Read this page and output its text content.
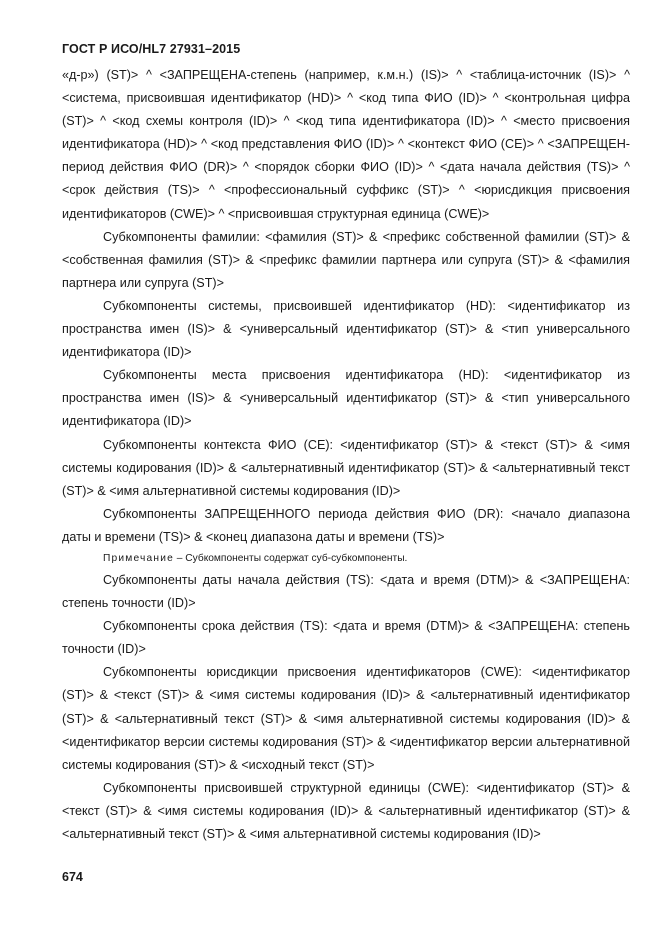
ГОСТ Р ИСО/HL7 27931–2015

«д-р») (ST)> ^ <ЗАПРЕЩЕНА-степень (например, к.м.н.) (IS)> ^ <таблица-источник (IS)> ^ <система, присвоившая идентификатор (HD)> ^ <код типа ФИО (ID)> ^ <контрольная цифра (ST)> ^ <код схемы контроля (ID)> ^ <код типа идентификатора (ID)> ^ <место присвоения идентификатора (HD)> ^ <код представления ФИО (ID)> ^ <контекст ФИО (CE)> ^ <ЗАПРЕЩЕН-период действия ФИО (DR)> ^ <порядок сборки ФИО (ID)> ^ <дата начала действия (TS)> ^ <срок действия (TS)> ^ <профессиональный суффикс (ST)> ^ <юрисдикция присвоения идентификаторов (CWE)> ^ <присвоившая структурная единица (CWE)>

Субкомпоненты фамилии: <фамилия (ST)> & <префикс собственной фамилии (ST)> & <собственная фамилия (ST)> & <префикс фамилии партнера или супруга (ST)> & <фамилия партнера или супруга (ST)>

Субкомпоненты системы, присвоившей идентификатор (HD): <идентификатор из пространства имен (IS)> & <универсальный идентификатор (ST)> & <тип универсального идентификатора (ID)>

Субкомпоненты места присвоения идентификатора (HD): <идентификатор из пространства имен (IS)> & <универсальный идентификатор (ST)> & <тип универсального идентификатора (ID)>

Субкомпоненты контекста ФИО (CE): <идентификатор (ST)> & <текст (ST)> & <имя системы кодирования (ID)> & <альтернативный идентификатор (ST)> & <альтернативный текст (ST)> & <имя альтернативной системы кодирования (ID)>

Субкомпоненты ЗАПРЕЩЕННОГО периода действия ФИО (DR): <начало диапазона даты и времени (TS)> & <конец диапазона даты и времени (TS)>

Примечание – Субкомпоненты содержат суб-субкомпоненты.

Субкомпоненты даты начала действия (TS): <дата и время (DTM)> & <ЗАПРЕЩЕНА: степень точности (ID)>

Субкомпоненты срока действия (TS): <дата и время (DTM)> & <ЗАПРЕЩЕНА: степень точности (ID)>

Субкомпоненты юрисдикции присвоения идентификаторов (CWE): <идентификатор (ST)> & <текст (ST)> & <имя системы кодирования (ID)> & <альтернативный идентификатор (ST)> & <альтернативный текст (ST)> & <имя альтернативной системы кодирования (ID)> & <идентификатор версии системы кодирования (ST)> & <идентификатор версии альтернативной системы кодирования (ST)> & <исходный текст (ST)>

Субкомпоненты присвоившей структурной единицы (CWE): <идентификатор (ST)> & <текст (ST)> & <имя системы кодирования (ID)> & <альтернативный идентификатор (ST)> & <альтернативный текст (ST)> & <имя альтернативной системы кодирования (ID)>

674
